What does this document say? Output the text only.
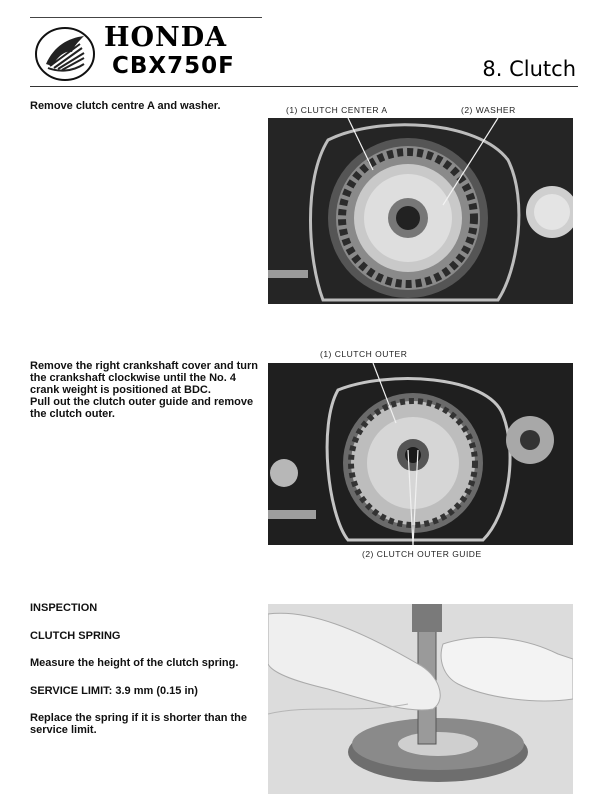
HONDA
CBX750F	8. Clutch
Remove clutch centre A and washer.	(1) CLUTCH CENTER A	(2) WASHER
Remove the right crankshaft cover and turn
the crankshaft clockwise until the No. 4
crank weight is positioned at BDC.
Pull out the clutch outer guide and remove
the clutch outer.
(1) CLUTCH OUTER
(2) CLUTCH OUTER GUIDE
INSPECTION
CLUTCH SPRING
Measure the height of the clutch spring.
SERVICE LIMIT: 3.9 mm (0.15 in)
Replace the spring if it is shorter than the
service limit.
